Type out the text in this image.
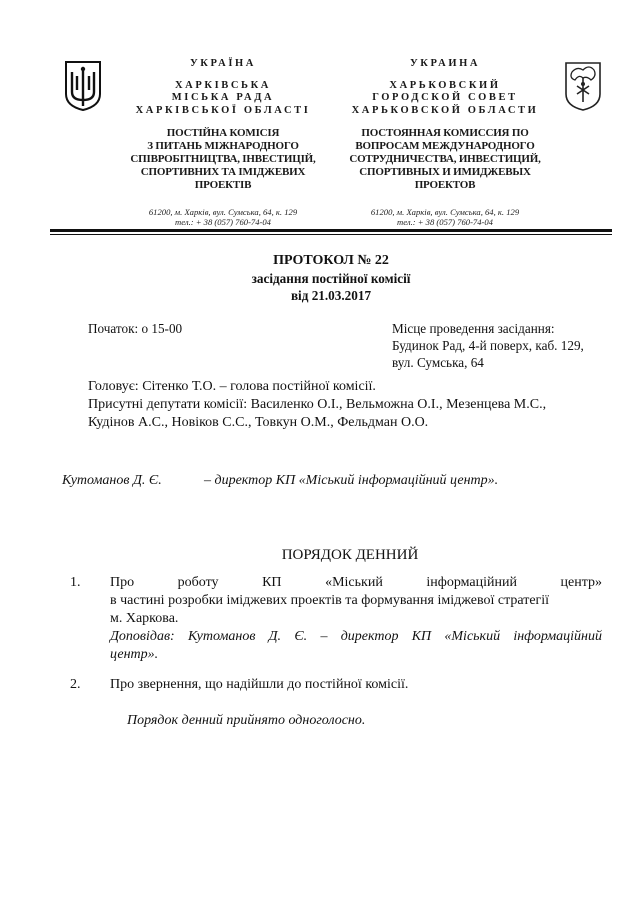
УКРАЇНА
ХАРКІВСЬКА
МІСЬКА РАДА
ХАРКІВСЬКОЇ ОБЛАСТІ
ПОСТІЙНА КОМІСІЯ
З ПИТАНЬ МІЖНАРОДНОГО
СПІВРОБІТНИЦТВА, ІНВЕСТИЦІЙ,
СПОРТИВНИХ ТА ІМІДЖЕВИХ
ПРОЕКТІВ
61200, м. Харків, вул. Сумська, 64, к. 129
тел.: + 38 (057) 760-74-04
УКРАИНА
ХАРЬКОВСКИЙ
ГОРОДСКОЙ СОВЕТ
ХАРЬКОВСКОЙ ОБЛАСТИ
ПОСТОЯННАЯ КОМИССИЯ ПО
ВОПРОСАМ МЕЖДУНАРОДНОГО
СОТРУДНИЧЕСТВА, ИНВЕСТИЦИЙ,
СПОРТИВНЫХ И ИМИДЖЕВЫХ
ПРОЕКТОВ
61200, м. Харків, вул. Сумська, 64, к. 129
тел.: + 38 (057) 760-74-04
ПРОТОКОЛ № 22
засідання постійної комісії
від 21.03.2017
Початок: о 15-00	Місце проведення засідання:
Будинок Рад, 4-й поверх, каб. 129,
вул. Сумська, 64
Головує: Сітенко Т.О. – голова постійної комісії.
Присутні депутати комісії: Василенко О.І., Вельможна О.І., Мезенцева М.С.,
Кудінов А.С., Новіков С.С., Товкун О.М., Фельдман О.О.
Кутоманов Д. Є.	– директор КП «Міський інформаційний центр».
ПОРЯДОК ДЕННИЙ
1. Про роботу КП «Міський інформаційний центр»
в частині розробки іміджевих проектів та формування іміджевої стратегії
м. Харкова.
Доповідав: Кутоманов Д. Є. – директор КП «Міський інформаційний
центр».
2. Про звернення, що надійшли до постійної комісії.
Порядок денний прийнято одноголосно.
